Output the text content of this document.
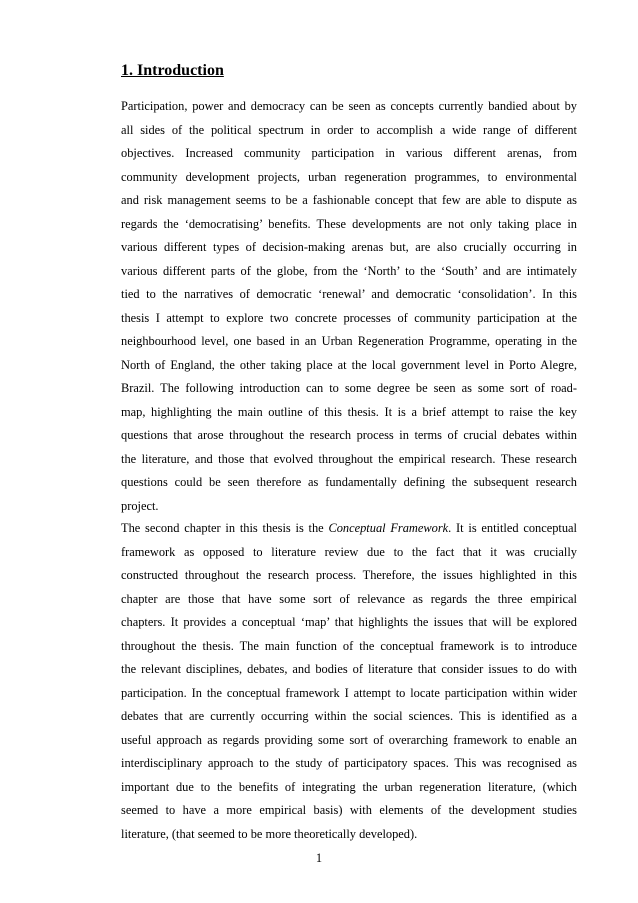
1. Introduction

Participation, power and democracy can be seen as concepts currently bandied about by
all sides of the political spectrum in order to accomplish a wide range of different
objectives. Increased community participation in various different arenas, from
community development projects, urban regeneration programmes, to environmental
and risk management seems to be a fashionable concept that few are able to dispute as
regards the ‘democratising’ benefits. These developments are not only taking place in
various different types of decision-making arenas but, are also crucially occurring in
various different parts of the globe, from the ‘North’ to the ‘South’ and are intimately
tied to the narratives of democratic ‘renewal’ and democratic ‘consolidation’. In this
thesis I attempt to explore two concrete processes of community participation at the
neighbourhood level, one based in an Urban Regeneration Programme, operating in the
North of England, the other taking place at the local government level in Porto Alegre,
Brazil. The following introduction can to some degree be seen as some sort of road-
map, highlighting the main outline of this thesis. It is a brief attempt to raise the key
questions that arose throughout the research process in terms of crucial debates within
the literature, and those that evolved throughout the empirical research. These research
questions could be seen therefore as fundamentally defining the subsequent research
project.

The second chapter in this thesis is the Conceptual Framework. It is entitled conceptual
framework as opposed to literature review due to the fact that it was crucially
constructed throughout the research process. Therefore, the issues highlighted in this
chapter are those that have some sort of relevance as regards the three empirical
chapters. It provides a conceptual ‘map’ that highlights the issues that will be explored
throughout the thesis. The main function of the conceptual framework is to introduce
the relevant disciplines, debates, and bodies of literature that consider issues to do with
participation. In the conceptual framework I attempt to locate participation within wider
debates that are currently occurring within the social sciences. This is identified as a
useful approach as regards providing some sort of overarching framework to enable an
interdisciplinary approach to the study of participatory spaces. This was recognised as
important due to the benefits of integrating the urban regeneration literature, (which
seemed to have a more empirical basis) with elements of the development studies
literature, (that seemed to be more theoretically developed).

1
